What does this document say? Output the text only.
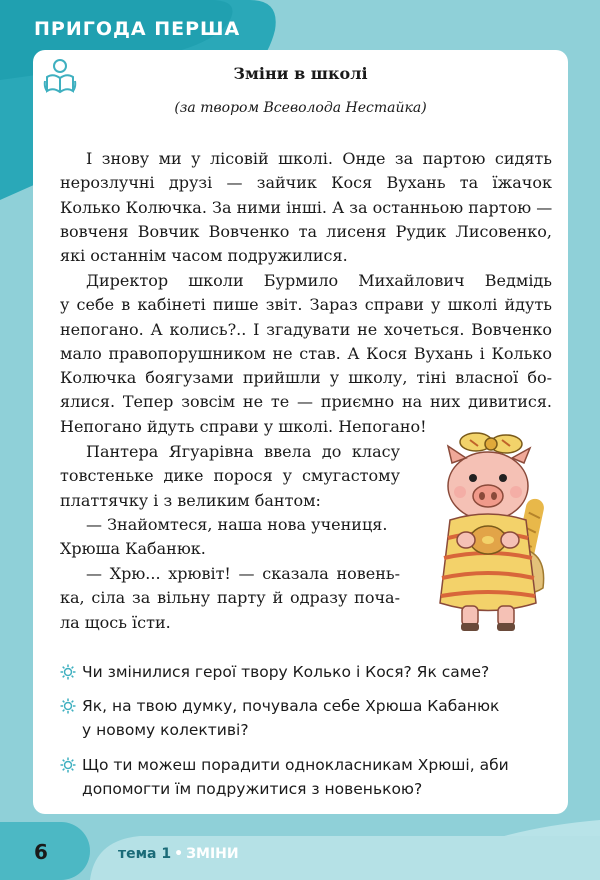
ПРИГОДА ПЕРША
Зміни в школі
(за твором Всеволода Нестайка)
I знову ми у лісовій школі. Онде за партою сидять
нерозлучні друзі — зайчик Кося Вухань та їжачок
Колько Колючка. За ними інші. А за останньою партою —
вовченя Вовчик Вовченко та лисеня Рудик Лисовенко,
які останнім часом подружилися.
Директор школи Бурмило Михайлович Ведмідь
у себе в кабінеті пише звіт. Зараз справи у школі йдуть
непогано. А колись?.. І згадувати не хочеться. Вовченко
мало правопорушником не став. А Кося Вухань і Колько
Колючка боягузами прийшли у школу, тіні власної бо-
ялися. Тепер зовсім не те — приємно на них дивитися.
Непогано йдуть справи у школі. Непогано!
Пантера Ягуарівна ввела до класу
товстеньке дике порося у смугастому
платтячку і з великим бантом:
— Знайомтеся, наша нова учениця.
Хрюша Кабанюк.
— Хрю... хрювіт! — сказала новень-
ка, сіла за вільну парту й одразу поча-
ла щось їсти.
Чи змінилися герої твору Колько і Кося? Як саме?
Як, на твою думку, почувала себе Хрюша Кабанюк
у новому колективі?
Що ти можеш порадити однокласникам Хрюші, аби
допомогти їм подружитися з новенькою?
6	тема 1 • ЗМІНИ
